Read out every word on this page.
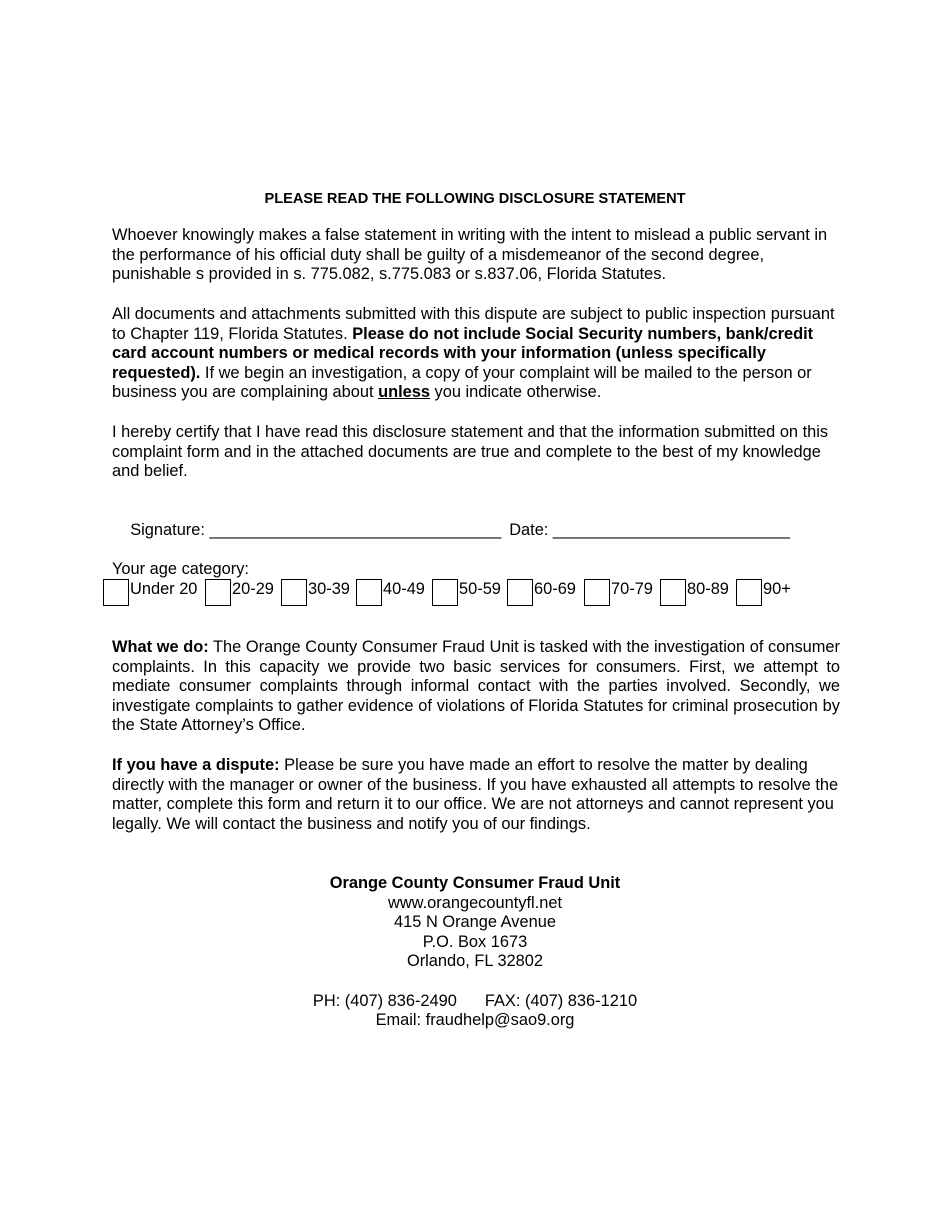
PLEASE READ THE FOLLOWING DISCLOSURE STATEMENT
Whoever knowingly makes a false statement in writing with the intent to mislead a public servant in the performance of his official duty shall be guilty of a misdemeanor of the second degree, punishable s provided in s. 775.082, s.775.083 or s.837.06, Florida Statutes.
All documents and attachments submitted with this dispute are subject to public inspection pursuant to Chapter 119, Florida Statutes. Please do not include Social Security numbers, bank/credit card account numbers or medical records with your information (unless specifically requested). If we begin an investigation, a copy of your complaint will be mailed to the person or business you are complaining about unless you indicate otherwise.
I hereby certify that I have read this disclosure statement and that the information submitted on this complaint form and in the attached documents are true and complete to the best of my knowledge and belief.

Signature: ________________________________ Date: __________________________

Your age category:
Under 20 20-29 30-39 40-49 50-59 60-69 70-79 80-89 90+
What we do: The Orange County Consumer Fraud Unit is tasked with the investigation of consumer complaints. In this capacity we provide two basic services for consumers. First, we attempt to mediate consumer complaints through informal contact with the parties involved. Secondly, we investigate complaints to gather evidence of violations of Florida Statutes for criminal prosecution by the State Attorney’s Office.
If you have a dispute: Please be sure you have made an effort to resolve the matter by dealing directly with the manager or owner of the business. If you have exhausted all attempts to resolve the matter, complete this form and return it to our office. We are not attorneys and cannot represent you legally. We will contact the business and notify you of our findings.
Orange County Consumer Fraud Unit
www.orangecountyfl.net
415 N Orange Avenue
P.O. Box 1673
Orlando, FL 32802
PH: (407) 836-2490 FAX: (407) 836-1210
Email: fraudhelp@sao9.org
